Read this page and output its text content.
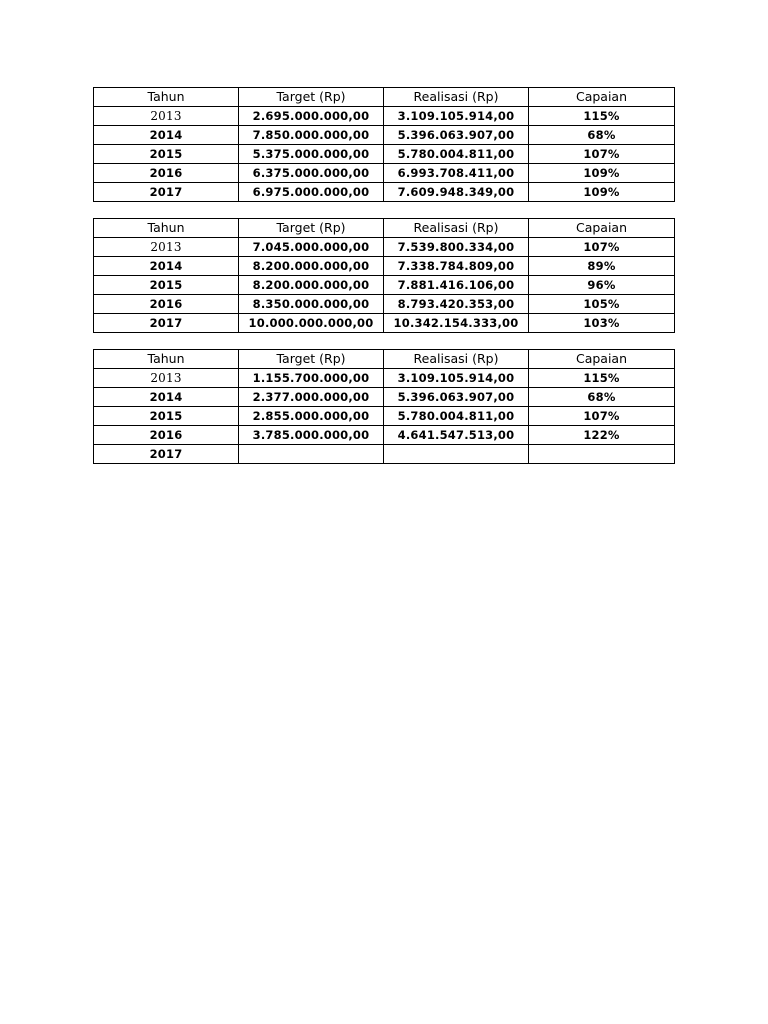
Tahun	Target (Rp)	Realisasi (Rp)	Capaian
2013	2.695.000.000,00	3.109.105.914,00	115%
2014	7.850.000.000,00	5.396.063.907,00	68%
2015	5.375.000.000,00	5.780.004.811,00	107%
2016	6.375.000.000,00	6.993.708.411,00	109%
2017	6.975.000.000,00	7.609.948.349,00	109%
Tahun	Target (Rp)	Realisasi (Rp)	Capaian
2013	7.045.000.000,00	7.539.800.334,00	107%
2014	8.200.000.000,00	7.338.784.809,00	89%
2015	8.200.000.000,00	7.881.416.106,00	96%
2016	8.350.000.000,00	8.793.420.353,00	105%
2017	10.000.000.000,00	10.342.154.333,00	103%
Tahun	Target (Rp)	Realisasi (Rp)	Capaian
2013	1.155.700.000,00	3.109.105.914,00	115%
2014	2.377.000.000,00	5.396.063.907,00	68%
2015	2.855.000.000,00	5.780.004.811,00	107%
2016	3.785.000.000,00	4.641.547.513,00	122%
2017			
